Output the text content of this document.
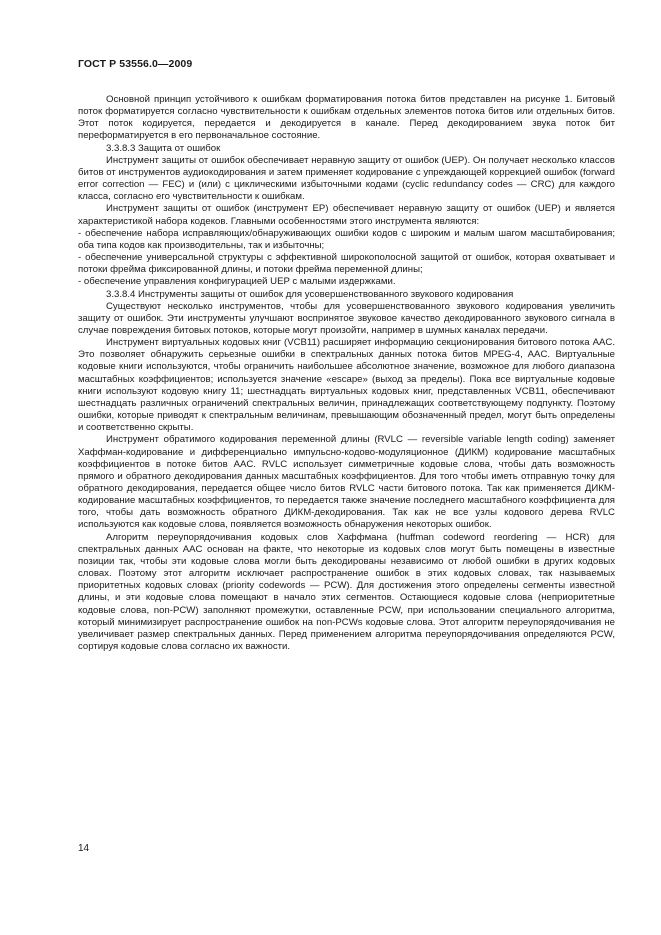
ГОСТ Р 53556.0—2009

Основной принцип устойчивого к ошибкам форматирования потока битов представлен на рисунке 1. Битовый поток форматируется согласно чувствительности к ошибкам отдельных элементов потока битов или отдельных битов. Этот поток кодируется, передается и декодируется в канале. Перед декодированием звука поток бит переформатируется в его первоначальное состояние.

3.3.8.3 Защита от ошибок

Инструмент защиты от ошибок обеспечивает неравную защиту от ошибок (UEP). Он получает несколько классов битов от инструментов аудиокодирования и затем применяет кодирование с упреждающей коррекцией ошибок (forward error correction — FEC) и (или) с циклическими избыточными кодами (cyclic redundancy codes — CRC) для каждого класса, согласно его чувствительности к ошибкам.

Инструмент защиты от ошибок (инструмент EP) обеспечивает неравную защиту от ошибок (UEP) и является характеристикой набора кодеков. Главными особенностями этого инструмента являются:

- обеспечение набора исправляющих/обнаруживающих ошибки кодов с широким и малым шагом масштабирования; оба типа кодов как производительны, так и избыточны;

- обеспечение универсальной структуры с эффективной широкополосной защитой от ошибок, которая охватывает и потоки фрейма фиксированной длины, и потоки фрейма переменной длины;

- обеспечение управления конфигурацией UEP с малыми издержками.

3.3.8.4 Инструменты защиты от ошибок для усовершенствованного звукового кодирования

Существуют несколько инструментов, чтобы для усовершенствованного звукового кодирования увеличить защиту от ошибок. Эти инструменты улучшают воспринятое звуковое качество декодированного звукового сигнала в случае повреждения битовых потоков, которые могут произойти, например в шумных каналах передачи.

Инструмент виртуальных кодовых книг (VCB11) расширяет информацию секционирования битового потока AAC. Это позволяет обнаружить серьезные ошибки в спектральных данных потока битов MPEG-4, AAC. Виртуальные кодовые книги используются, чтобы ограничить наибольшее абсолютное значение, возможное для любого диапазона масштабных коэффициентов; используется значение «escape» (выход за пределы). Пока все виртуальные кодовые книги используют кодовую книгу 11; шестнадцать виртуальных кодовых книг, представленных VCB11, обеспечивают шестнадцать различных ограничений спектральных величин, принадлежащих соответствующему подпункту. Поэтому ошибки, которые приводят к спектральным величинам, превышающим обозначенный предел, могут быть определены и соответственно скрыты.

Инструмент обратимого кодирования переменной длины (RVLC — reversible variable length coding) заменяет Хаффман-кодирование и дифференциально импульсно-кодово-модуляционное (ДИКМ) кодирование масштабных коэффициентов в потоке битов AAC. RVLC использует симметричные кодовые слова, чтобы дать возможность прямого и обратного декодирования данных масштабных коэффициентов. Для того чтобы иметь отправную точку для обратного декодирования, передается общее число битов RVLC части битового потока. Так как применяется ДИКМ-кодирование масштабных коэффициентов, то передается также значение последнего масштабного коэффициента для того, чтобы дать возможность обратного ДИКМ-декодирования. Так как не все узлы кодового дерева RVLC используются как кодовые слова, появляется возможность обнаружения некоторых ошибок.

Алгоритм переупорядочивания кодовых слов Хаффмана (huffman codeword reordering — HCR) для спектральных данных AAC основан на факте, что некоторые из кодовых слов могут быть помещены в известные позиции так, чтобы эти кодовые слова могли быть декодированы независимо от любой ошибки в других кодовых словах. Поэтому этот алгоритм исключает распространение ошибок в этих кодовых словах, так называемых приоритетных кодовых словах (priority codewords — PCW). Для достижения этого определены сегменты известной длины, и эти кодовые слова помещают в начало этих сегментов. Остающиеся кодовые слова (неприоритетные кодовые слова, non-PCW) заполняют промежутки, оставленные PCW, при использовании специального алгоритма, который минимизирует распространение ошибок на non-PCWs кодовые слова. Этот алгоритм переупорядочивания не увеличивает размер спектральных данных. Перед применением алгоритма переупорядочивания определяются PCW, сортируя кодовые слова согласно их важности.

14
